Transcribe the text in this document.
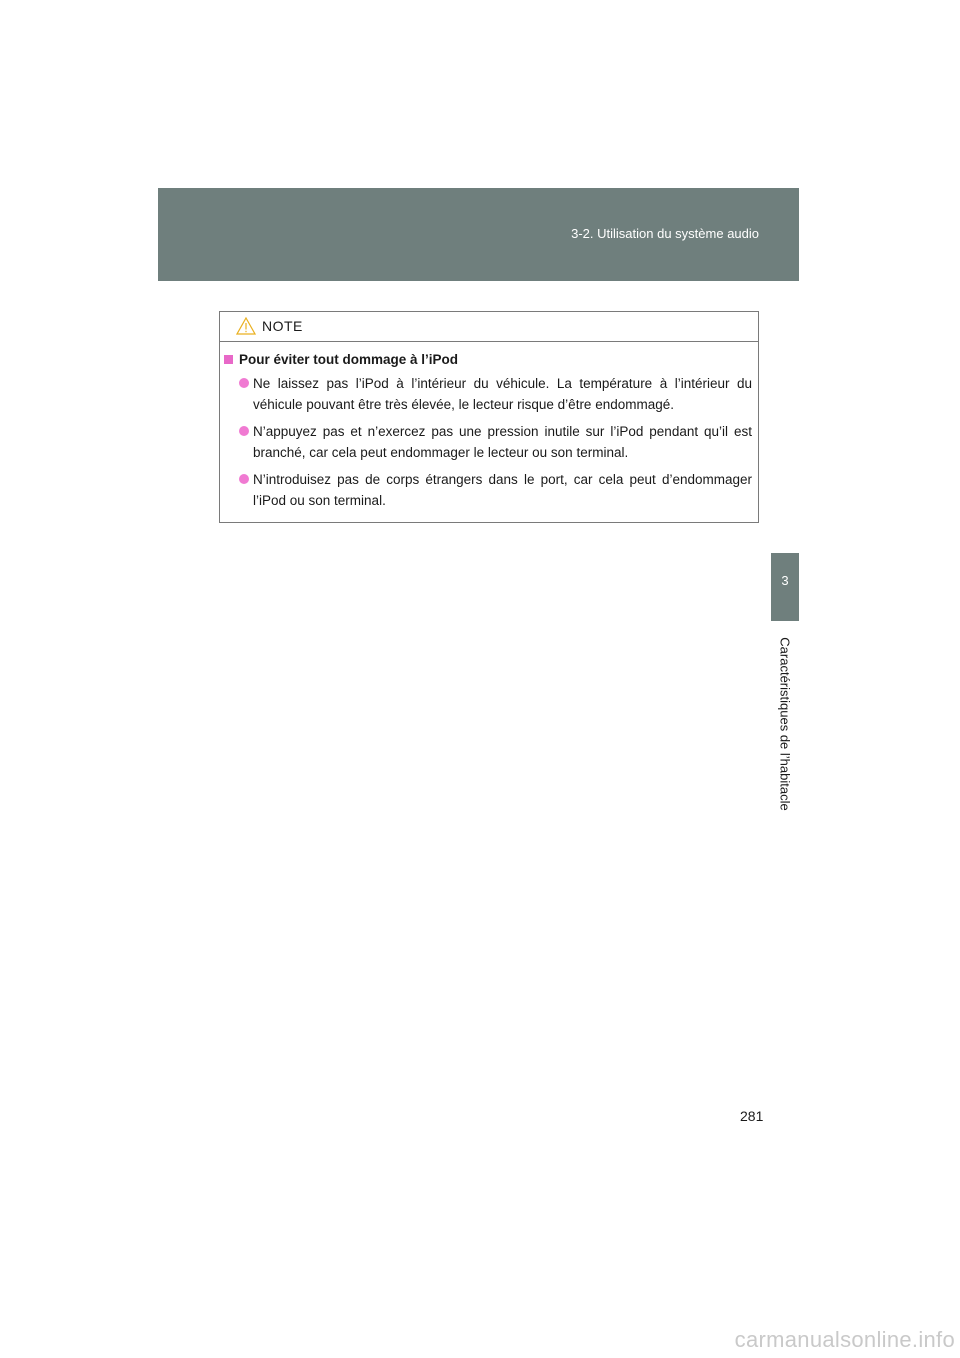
3-2. Utilisation du système audio
3
Caractéristiques de l’habitacle
NOTE
Pour éviter tout dommage à l’iPod
Ne laissez pas l’iPod à l’intérieur du véhicule. La température à l’intérieur du véhicule pouvant être très élevée, le lecteur risque d’être endommagé.
N’appuyez pas et n’exercez pas une pression inutile sur l’iPod pendant qu’il est branché, car cela peut endommager le lecteur ou son terminal.
N’introduisez pas de corps étrangers dans le port, car cela peut d’endommager l’iPod ou son terminal.
281
carmanualsonline.info
